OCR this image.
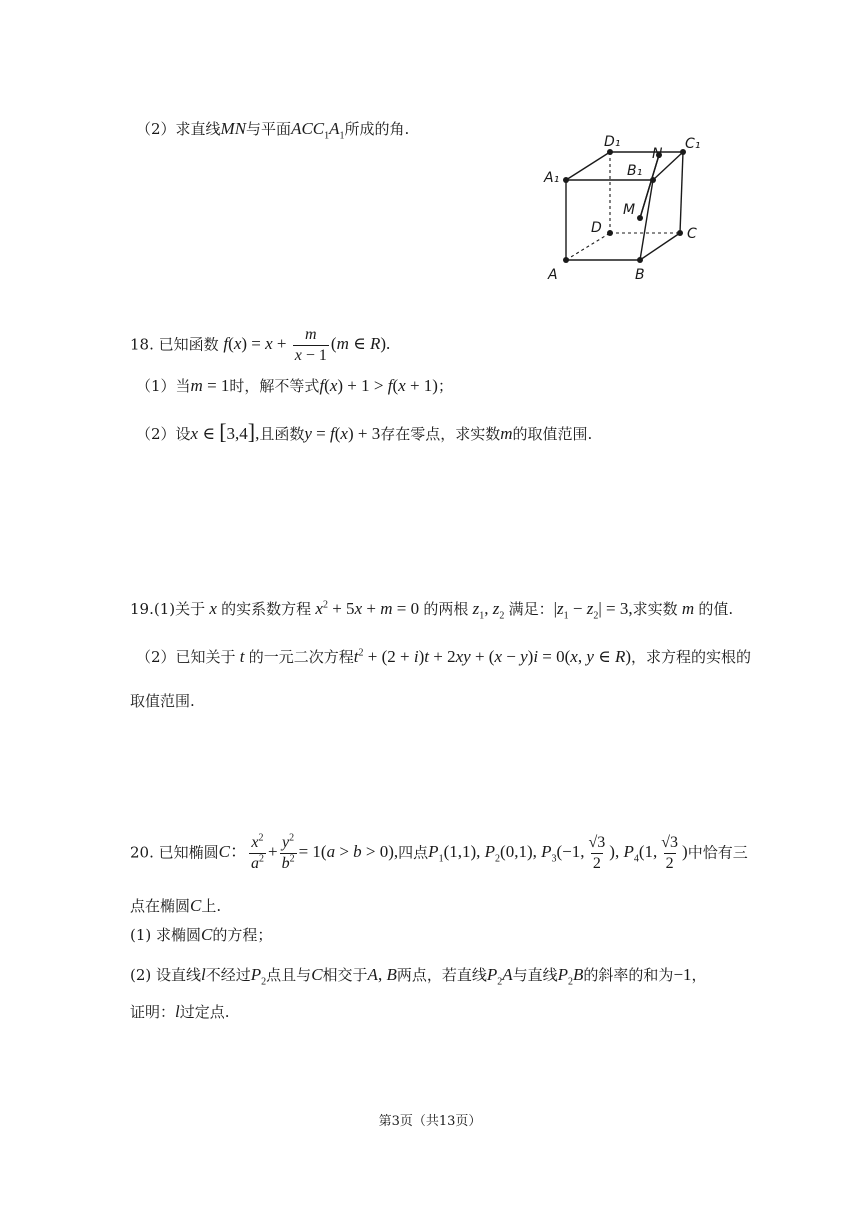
（2）求直线MN与平面$ACC_1A_1$所成的角.
D₁
N
C₁
A₁	B₁
M
D	C
A	B
18. 已知函数 $f(x) = x + \frac{m}{x - 1} (m$ ∈ R).
（1）当m = 1时，解不等式f(x) + 1 > f(x + 1)；
（2）设x ∈ [3,4],且函数y = f(x) + 3存在零点，求实数m的取值范围.
19.(1)关于 x 的实系数方程 $x^2 + 5x + m = 0$ 的两根 $z_1$, $z_2$ 满足：$|z_1 - z_2| = 3$,求实数 m 的值.
（2）已知关于 t 的一元二次方程$t^2 + (2 + i)t + 2xy + (x - y)i = 0(x$, y ∈ R)，求方程的实根的
取值范围.
20. 已知椭圆C： $\frac{x^2}{a^2} + \frac{y^2}{b^2} = 1(a > b > 0)$,四点$P_1(1,1)$, $P_2(0,1)$, $P_3(-1$, $\frac{√3}{2}$ ), $P_4(1$, $\frac{√3}{2}$ )中恰有三
点在椭圆C上.
(1) 求椭圆C的方程；
(2) 设直线l不经过$P_2$点且与C相交于A, B两点，若直线$P_2A$与直线$P_2B$的斜率的和为−1，
证明：l过定点.
第3页（共13页）
